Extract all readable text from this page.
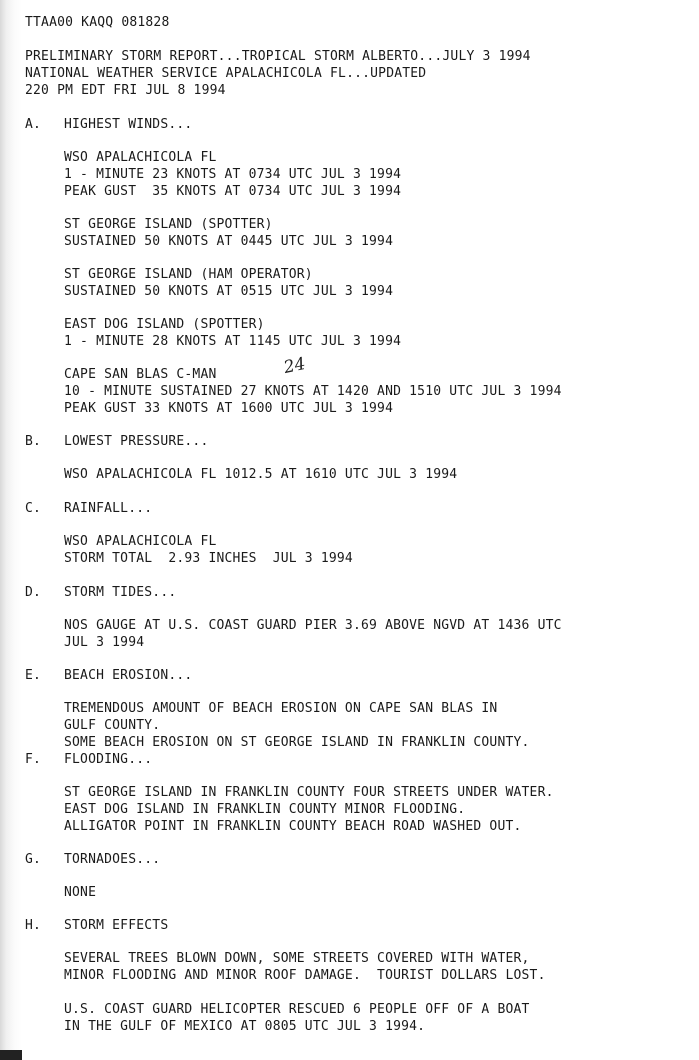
TTAA00 KAQQ 081828
PRELIMINARY STORM REPORT...TROPICAL STORM ALBERTO...JULY 3 1994
NATIONAL WEATHER SERVICE APALACHICOLA FL...UPDATED
220 PM EDT FRI JUL 8 1994
A. HIGHEST WINDS...
WSO APALACHICOLA FL
1 - MINUTE 23 KNOTS AT 0734 UTC JUL 3 1994
PEAK GUST  35 KNOTS AT 0734 UTC JUL 3 1994
ST GEORGE ISLAND (SPOTTER)
SUSTAINED 50 KNOTS AT 0445 UTC JUL 3 1994
ST GEORGE ISLAND (HAM OPERATOR)
SUSTAINED 50 KNOTS AT 0515 UTC JUL 3 1994
EAST DOG ISLAND (SPOTTER)
1 - MINUTE 28 KNOTS AT 1145 UTC JUL 3 1994
CAPE SAN BLAS C-MAN
10 - MINUTE SUSTAINED 27 KNOTS AT 1420 AND 1510 UTC JUL 3 1994
PEAK GUST 33 KNOTS AT 1600 UTC JUL 3 1994
24
B. LOWEST PRESSURE...
WSO APALACHICOLA FL 1012.5 AT 1610 UTC JUL 3 1994
C. RAINFALL...
WSO APALACHICOLA FL
STORM TOTAL  2.93 INCHES  JUL 3 1994
D. STORM TIDES...
NOS GAUGE AT U.S. COAST GUARD PIER 3.69 ABOVE NGVD AT 1436 UTC
JUL 3 1994
E. BEACH EROSION...
TREMENDOUS AMOUNT OF BEACH EROSION ON CAPE SAN BLAS IN
GULF COUNTY.
SOME BEACH EROSION ON ST GEORGE ISLAND IN FRANKLIN COUNTY.
F. FLOODING...
ST GEORGE ISLAND IN FRANKLIN COUNTY FOUR STREETS UNDER WATER.
EAST DOG ISLAND IN FRANKLIN COUNTY MINOR FLOODING.
ALLIGATOR POINT IN FRANKLIN COUNTY BEACH ROAD WASHED OUT.
G. TORNADOES...
NONE
H. STORM EFFECTS
SEVERAL TREES BLOWN DOWN, SOME STREETS COVERED WITH WATER,
MINOR FLOODING AND MINOR ROOF DAMAGE.  TOURIST DOLLARS LOST.
U.S. COAST GUARD HELICOPTER RESCUED 6 PEOPLE OFF OF A BOAT
IN THE GULF OF MEXICO AT 0805 UTC JUL 3 1994.
